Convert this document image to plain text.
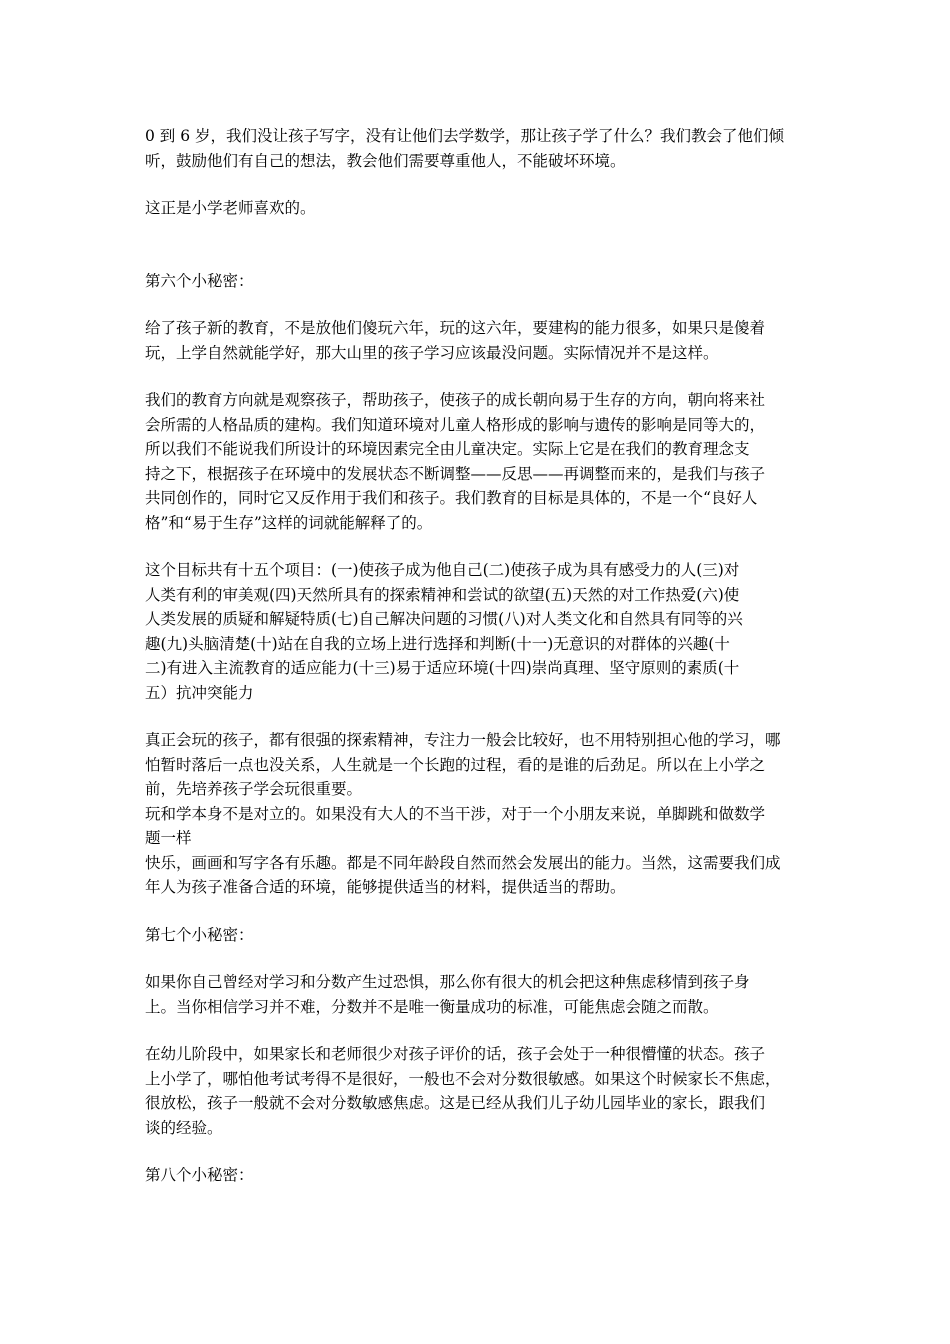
0 到 6 岁，我们没让孩子写字，没有让他们去学数学，那让孩子学了什么？我们教会了他们倾
听，鼓励他们有自己的想法，教会他们需要尊重他人，不能破坏环境。

这正是小学老师喜欢的。

第六个小秘密：

给了孩子新的教育，不是放他们傻玩六年，玩的这六年，要建构的能力很多，如果只是傻着
玩，上学自然就能学好，那大山里的孩子学习应该最没问题。实际情况并不是这样。

我们的教育方向就是观察孩子，帮助孩子，使孩子的成长朝向易于生存的方向，朝向将来社
会所需的人格品质的建构。我们知道环境对儿童人格形成的影响与遗传的影响是同等大的，
所以我们不能说我们所设计的环境因素完全由儿童决定。实际上它是在我们的教育理念支
持之下，根据孩子在环境中的发展状态不断调整——反思——再调整而来的，是我们与孩子
共同创作的，同时它又反作用于我们和孩子。我们教育的目标是具体的，不是一个“良好人
格”和“易于生存”这样的词就能解释了的。

这个目标共有十五个项目：(一)使孩子成为他自己(二)使孩子成为具有感受力的人(三)对
人类有利的审美观(四)天然所具有的探索精神和尝试的欲望(五)天然的对工作热爱(六)使
人类发展的质疑和解疑特质(七)自己解决问题的习惯(八)对人类文化和自然具有同等的兴
趣(九)头脑清楚(十)站在自我的立场上进行选择和判断(十一)无意识的对群体的兴趣(十
二)有进入主流教育的适应能力(十三)易于适应环境(十四)崇尚真理、坚守原则的素质(十
五）抗冲突能力

真正会玩的孩子，都有很强的探索精神，专注力一般会比较好，也不用特别担心他的学习，哪
怕暂时落后一点也没关系，人生就是一个长跑的过程，看的是谁的后劲足。所以在上小学之
前，先培养孩子学会玩很重要。
玩和学本身不是对立的。如果没有大人的不当干涉，对于一个小朋友来说，单脚跳和做数学
题一样
快乐，画画和写字各有乐趣。都是不同年龄段自然而然会发展出的能力。当然，这需要我们成
年人为孩子准备合适的环境，能够提供适当的材料，提供适当的帮助。

第七个小秘密：

如果你自己曾经对学习和分数产生过恐惧，那么你有很大的机会把这种焦虑移情到孩子身
上。当你相信学习并不难，分数并不是唯一衡量成功的标准，可能焦虑会随之而散。

在幼儿阶段中，如果家长和老师很少对孩子评价的话，孩子会处于一种很懵懂的状态。孩子
上小学了，哪怕他考试考得不是很好，一般也不会对分数很敏感。如果这个时候家长不焦虑，
很放松，孩子一般就不会对分数敏感焦虑。这是已经从我们儿子幼儿园毕业的家长，跟我们
谈的经验。

第八个小秘密：
